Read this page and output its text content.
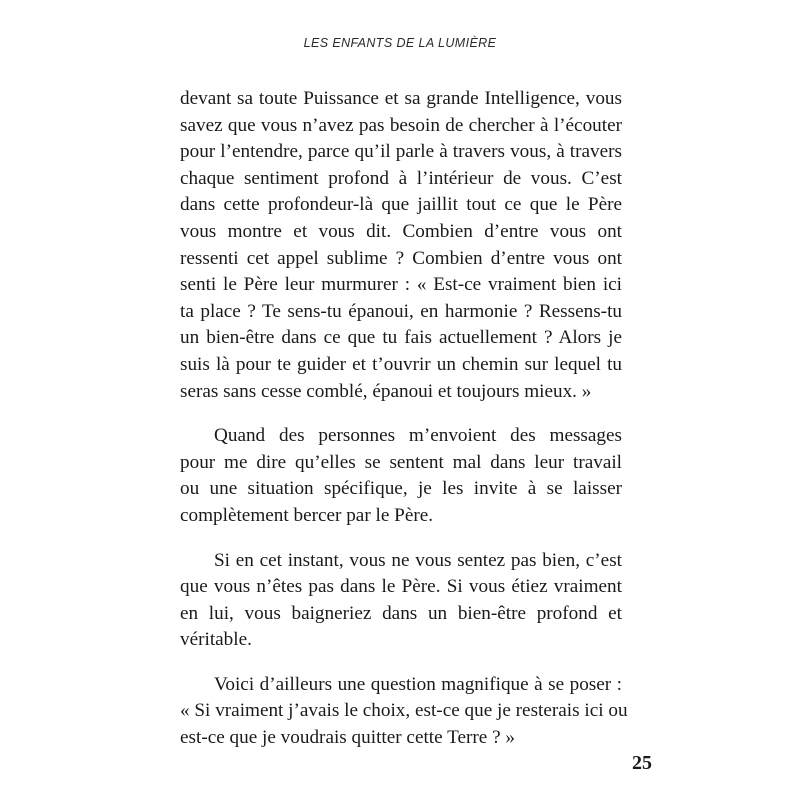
LES ENFANTS DE LA LUMIÈRE
devant sa toute Puissance et sa grande Intelligence, vous
savez que vous n’avez pas besoin de chercher à l’écouter
pour l’entendre, parce qu’il parle à travers vous, à travers
chaque sentiment profond à l’intérieur de vous. C’est
dans cette profondeur-là que jaillit tout ce que le Père
vous montre et vous dit. Combien d’entre vous ont
ressenti cet appel sublime ? Combien d’entre vous ont
senti le Père leur murmurer : « Est-ce vraiment bien ici
ta place ? Te sens-tu épanoui, en harmonie ? Ressens-tu
un bien-être dans ce que tu fais actuellement ? Alors je
suis là pour te guider et t’ouvrir un chemin sur lequel tu
seras sans cesse comblé, épanoui et toujours mieux. »
Quand des personnes m’envoient des messages
pour me dire qu’elles se sentent mal dans leur travail
ou une situation spécifique, je les invite à se laisser
complètement bercer par le Père.
Si en cet instant, vous ne vous sentez pas bien, c’est
que vous n’êtes pas dans le Père. Si vous étiez vraiment
en lui, vous baigneriez dans un bien-être profond et
véritable.
Voici d’ailleurs une question magnifique à se poser :
« Si vraiment j’avais le choix, est-ce que je resterais ici ou
est-ce que je voudrais quitter cette Terre ? »
25
